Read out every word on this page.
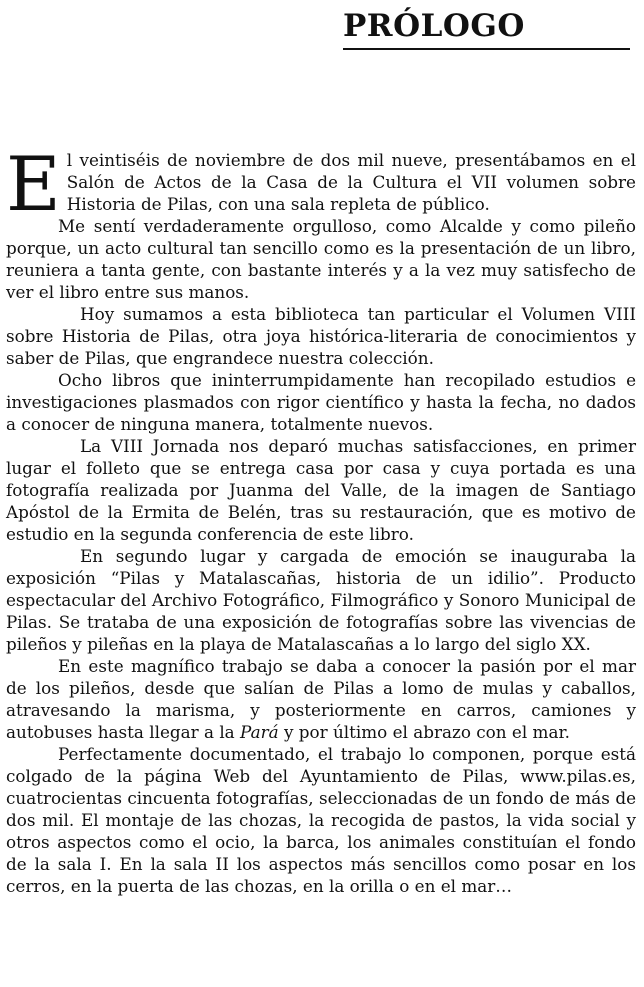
PRÓLOGO

El veintiséis de noviembre de dos mil nueve, presentábamos en el Salón de Actos de la Casa de la Cultura el VII volumen sobre Historia de Pilas, con una sala repleta de público.

Me sentí verdaderamente orgulloso, como Alcalde y como pileño porque, un acto cultural tan sencillo como es la presentación de un libro, reuniera a tanta gente, con bastante interés y a la vez muy satisfecho de ver el libro entre sus manos.

Hoy sumamos a esta biblioteca tan particular el Volumen VIII sobre Historia de Pilas, otra joya histórica-literaria de conocimientos y saber de Pilas, que engrandece nuestra colección.

Ocho libros que ininterrumpidamente han recopilado estudios e investigaciones plasmados con rigor científico y hasta la fecha, no dados a conocer de ninguna manera, totalmente nuevos.

La VIII Jornada nos deparó muchas satisfacciones, en primer lugar el folleto que se entrega casa por casa y cuya portada es una fotografía realizada por Juanma del Valle, de la imagen de Santiago Apóstol de la Ermita de Belén, tras su restauración, que es motivo de estudio en la segunda conferencia de este libro.

En segundo lugar y cargada de emoción se inauguraba la exposición “Pilas y Matalascañas, historia de un idilio”. Producto espectacular del Archivo Fotográfico, Filmográfico y Sonoro Municipal de Pilas. Se trataba de una exposición de fotografías sobre las vivencias de pileños y pileñas en la playa de Matalascañas a lo largo del siglo XX.

En este magnífico trabajo se daba a conocer la pasión por el mar de los pileños, desde que salían de Pilas a lomo de mulas y caballos, atravesando la marisma, y posteriormente en carros, camiones y autobuses hasta llegar a la Pará y por último el abrazo con el mar.

Perfectamente documentado, el trabajo lo componen, porque está colgado de la página Web del Ayuntamiento de Pilas, www.pilas.es, cuatrocientas cincuenta fotografías, seleccionadas de un fondo de más de dos mil. El montaje de las chozas, la recogida de pastos, la vida social y otros aspectos como el ocio, la barca, los animales constituían el fondo de la sala I. En la sala II los aspectos más sencillos como posar en los cerros, en la puerta de las chozas, en la orilla o en el mar…
